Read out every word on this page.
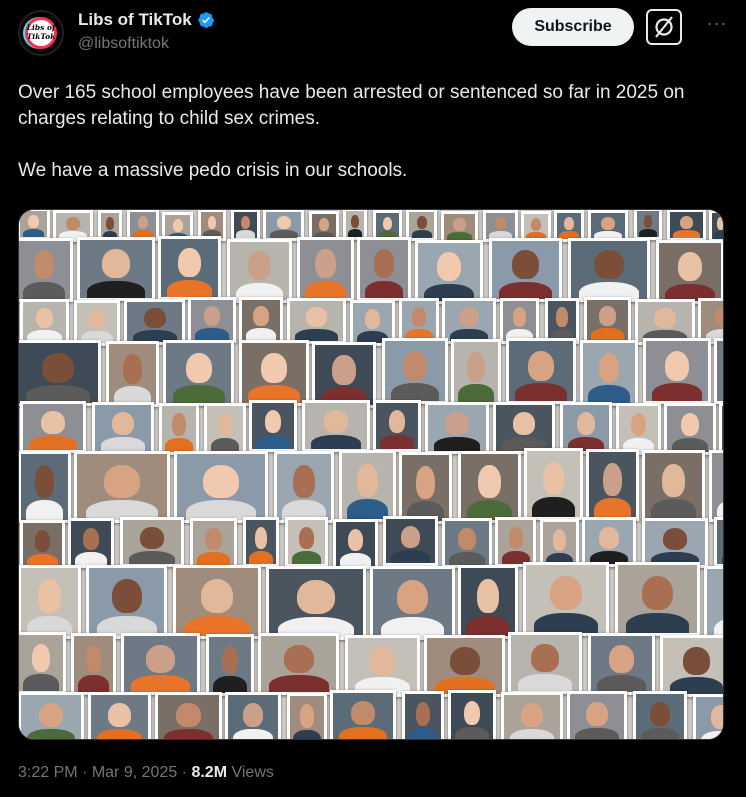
Libs of
TikTok
Libs of TikTok
@libsoftiktok
Subscribe	···

Over 165 school employees have been arrested or sentenced so far in 2025 on charges relating to child sex crimes.

We have a massive pedo crisis in our schools.

3:22 PM · Mar 9, 2025 · 8.2M Views
